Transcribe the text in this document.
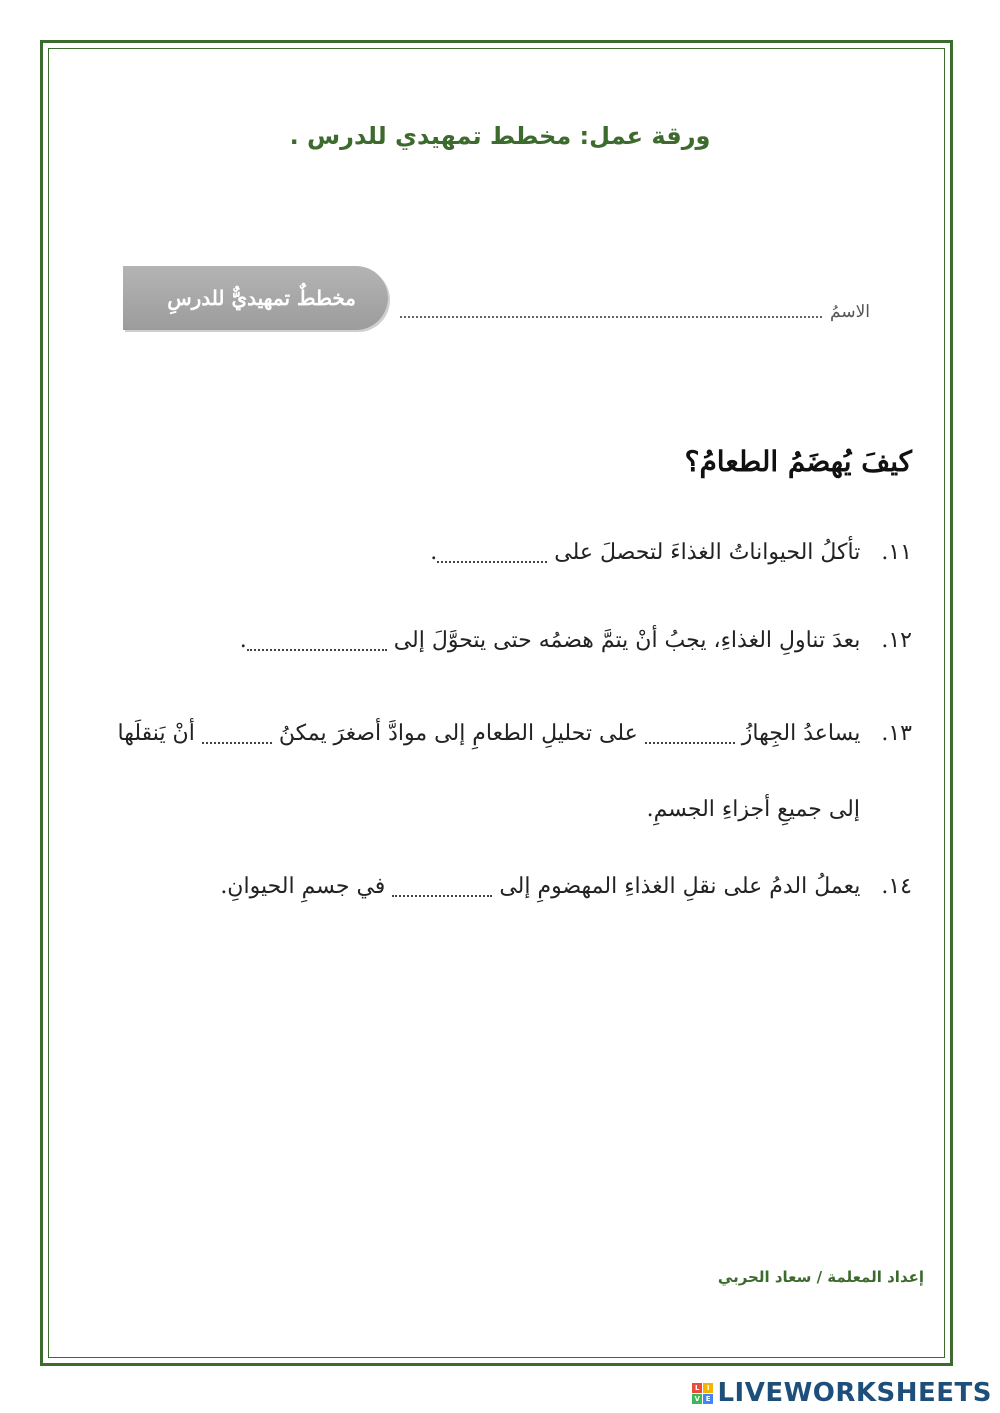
ورقة عمل: مخطط تمهيدي للدرس .
مخططٌ تمهيديٌّ للدرسِ
الاسمُ
كيفَ يُهضَمُ الطعامُ؟
١١. تأكلُ الحيواناتُ الغذاءَ لتحصلَ على .
١٢. بعدَ تناولِ الغذاءِ، يجبُ أنْ يتمَّ هضمُه حتى يتحوَّلَ إلى .
١٣. يساعدُ الجِهازُ  على تحليلِ الطعامِ إلى موادَّ أصغرَ يمكنُ  أنْ يَنقلَها
إلى جميعِ أجزاءِ الجسمِ.
١٤. يعملُ الدمُ على نقلِ الغذاءِ المهضومِ إلى  في جسمِ الحيوانِ.
إعداد المعلمة / سعاد الحربي
L I
V E LIVEWORKSHEETS
